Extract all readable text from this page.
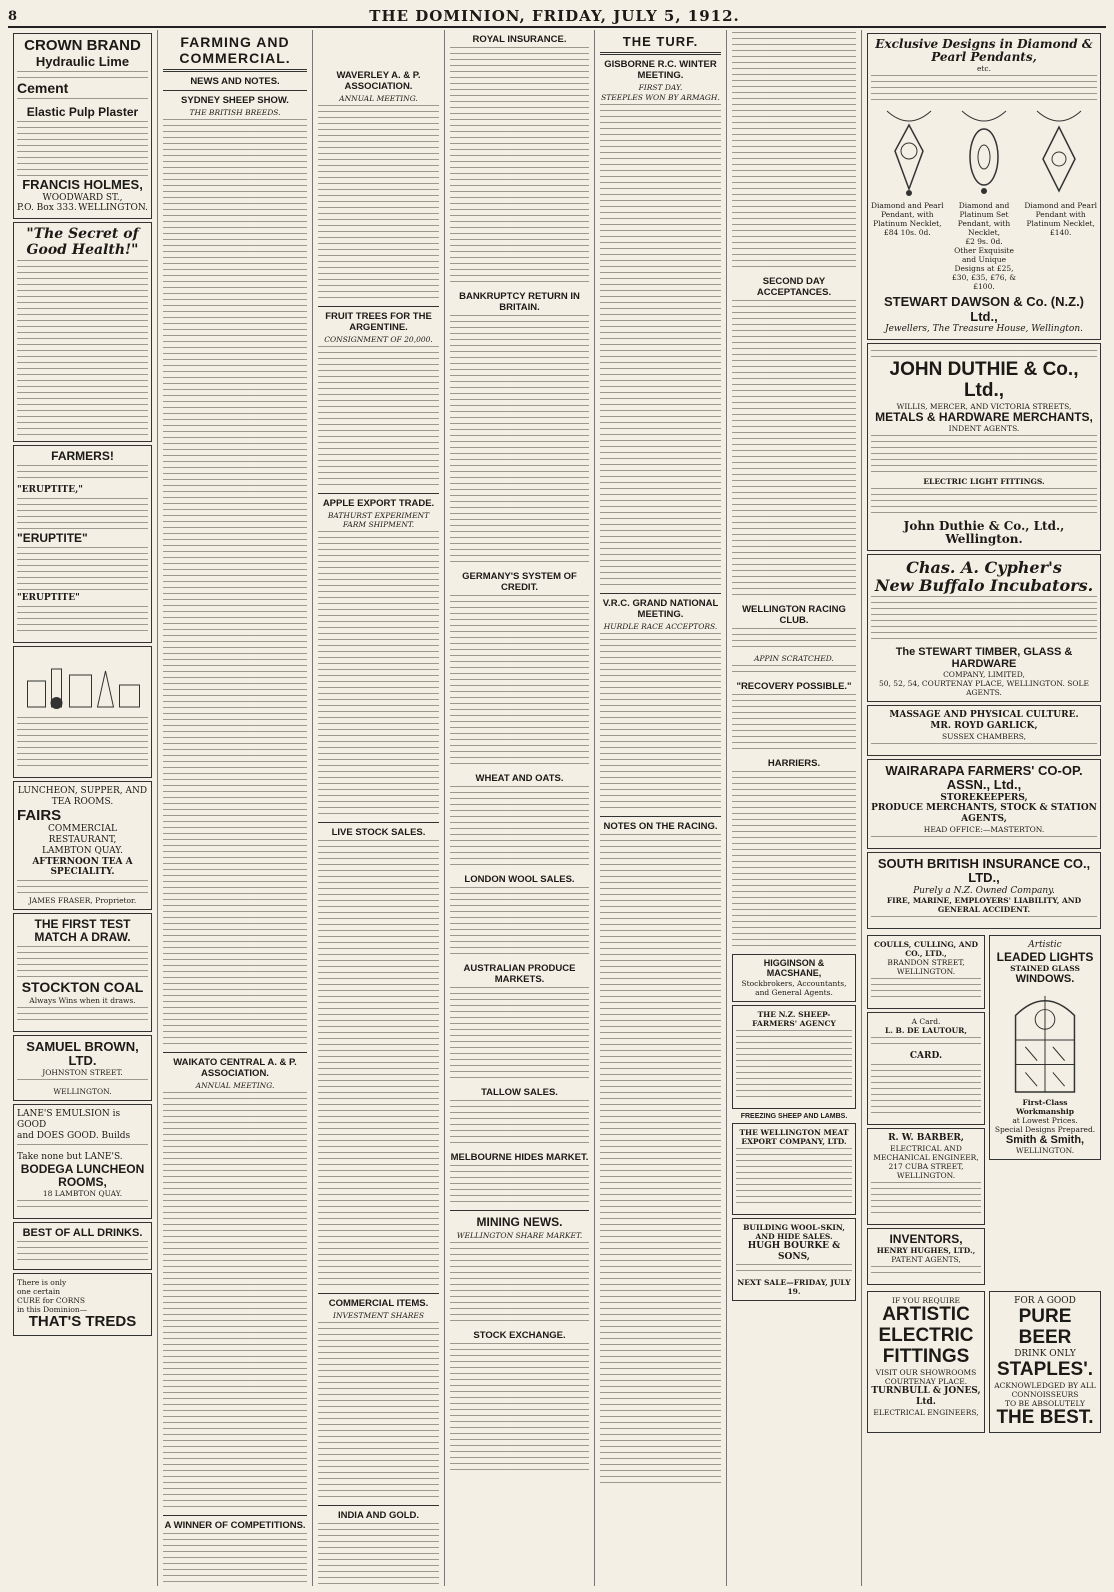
8	THE DOMINION, FRIDAY, JULY 5, 1912.
CROWN BRAND
Hydraulic Lime
Cement
Elastic Pulp Plaster
FRANCIS HOLMES,
WOODWARD ST.,
P.O. Box 333. WELLINGTON.
"The Secret of Good Health!"
FARMERS!
"ERUPTITE,"
"ERUPTITE"
"ERUPTITE"
LUNCHEON, SUPPER, AND TEA ROOMS.
FAIRS
COMMERCIAL RESTAURANT,
LAMBTON QUAY.
AFTERNOON TEA A SPECIALITY.
JAMES FRASER, Proprietor.
THE FIRST TEST MATCH A DRAW.
STOCKTON COAL
Always Wins when it draws.
SAMUEL BROWN, LTD.
JOHNSTON STREET.
WELLINGTON.
LANE'S EMULSION is GOOD
and DOES GOOD. Builds
Take none but LANE'S.
BODEGA LUNCHEON ROOMS,
18 LAMBTON QUAY.
BEST OF ALL DRINKS.
There is only
one certain
CURE for CORNS
in this Dominion—
THAT'S TREDS
FARMING AND COMMERCIAL.
NEWS AND NOTES.
SYDNEY SHEEP SHOW.
THE BRITISH BREEDS.
WAIKATO CENTRAL A. & P. ASSOCIATION.
ANNUAL MEETING.
A WINNER OF COMPETITIONS.
WAVERLEY A. & P. ASSOCIATION.
ANNUAL MEETING.
FRUIT TREES FOR THE ARGENTINE.
CONSIGNMENT OF 20,000.
APPLE EXPORT TRADE.
BATHURST EXPERIMENT FARM SHIPMENT.
LIVE STOCK SALES.
COMMERCIAL ITEMS.
INVESTMENT SHARES
INDIA AND GOLD.
ROYAL INSURANCE.
BANKRUPTCY RETURN IN BRITAIN.
GERMANY'S SYSTEM OF CREDIT.
WHEAT AND OATS.
LONDON WOOL SALES.
AUSTRALIAN PRODUCE MARKETS.
TALLOW SALES.
MELBOURNE HIDES MARKET.
MINING NEWS.
WELLINGTON SHARE MARKET.
STOCK EXCHANGE.
THE TURF.
GISBORNE R.C. WINTER MEETING.
FIRST DAY.
STEEPLES WON BY ARMAGH.
V.R.C. GRAND NATIONAL MEETING.
HURDLE RACE ACCEPTORS.
NOTES ON THE RACING.
SECOND DAY ACCEPTANCES.
WELLINGTON RACING CLUB.
APPIN SCRATCHED.
"RECOVERY POSSIBLE."
HARRIERS.
HIGGINSON & MACSHANE,
Stockbrokers, Accountants, and General Agents.
THE N.Z. SHEEP-FARMERS' AGENCY
FREEZING SHEEP AND LAMBS.
THE WELLINGTON MEAT EXPORT COMPANY, LTD.
BUILDING WOOL-SKIN, AND HIDE SALES.
HUGH BOURKE & SONS,
NEXT SALE—FRIDAY, JULY 19.
Exclusive Designs in Diamond & Pearl Pendants,
etc.
Diamond and Pearl Pendant, with Platinum Necklet,
£84 10s. 0d.
Diamond and Platinum Set Pendant, with Necklet,
£2 9s. 0d.
Other Exquisite and Unique Designs at £25, £30, £35, £76, & £100.
Diamond and Pearl Pendant with Platinum Necklet, £140.
STEWART DAWSON & Co. (N.Z.) Ltd.,
Jewellers, The Treasure House, Wellington.
JOHN DUTHIE & Co., Ltd.,
WILLIS, MERCER, AND VICTORIA STREETS,
METALS & HARDWARE MERCHANTS,
INDENT AGENTS.
ELECTRIC LIGHT FITTINGS.
John Duthie & Co., Ltd., Wellington.
Chas. A. Cypher's
New Buffalo Incubators.
The STEWART TIMBER, GLASS & HARDWARE
COMPANY, LIMITED,
50, 52, 54, COURTENAY PLACE, WELLINGTON. SOLE AGENTS.
MASSAGE AND PHYSICAL CULTURE.
MR. ROYD GARLICK,
SUSSEX CHAMBERS,
WAIRARAPA FARMERS' CO-OP. ASSN., Ltd.,
STOREKEEPERS,
PRODUCE MERCHANTS, STOCK & STATION AGENTS,
HEAD OFFICE:—MASTERTON.
SOUTH BRITISH INSURANCE CO., LTD.,
Purely a N.Z. Owned Company.
FIRE, MARINE, EMPLOYERS' LIABILITY, AND GENERAL ACCIDENT.
COULLS, CULLING, AND CO., LTD.,
BRANDON STREET,
WELLINGTON.
A Card.
L. B. DE LAUTOUR,
CARD.
R. W. BARBER,
ELECTRICAL AND MECHANICAL ENGINEER,
217 CUBA STREET, WELLINGTON.
INVENTORS,
HENRY HUGHES, LTD.,
PATENT AGENTS,
Artistic
LEADED LIGHTS
STAINED GLASS
WINDOWS.
First-Class Workmanship
at Lowest Prices.
Special Designs Prepared.
Smith & Smith,
WELLINGTON.
IF YOU REQUIRE
ARTISTIC
ELECTRIC
FITTINGS
VISIT OUR SHOWROOMS
COURTENAY PLACE.
TURNBULL & JONES, Ltd.
ELECTRICAL ENGINEERS,
FOR A GOOD
PURE BEER
DRINK ONLY
STAPLES'.
ACKNOWLEDGED BY ALL CONNOISSEURS
TO BE ABSOLUTELY
THE BEST.
